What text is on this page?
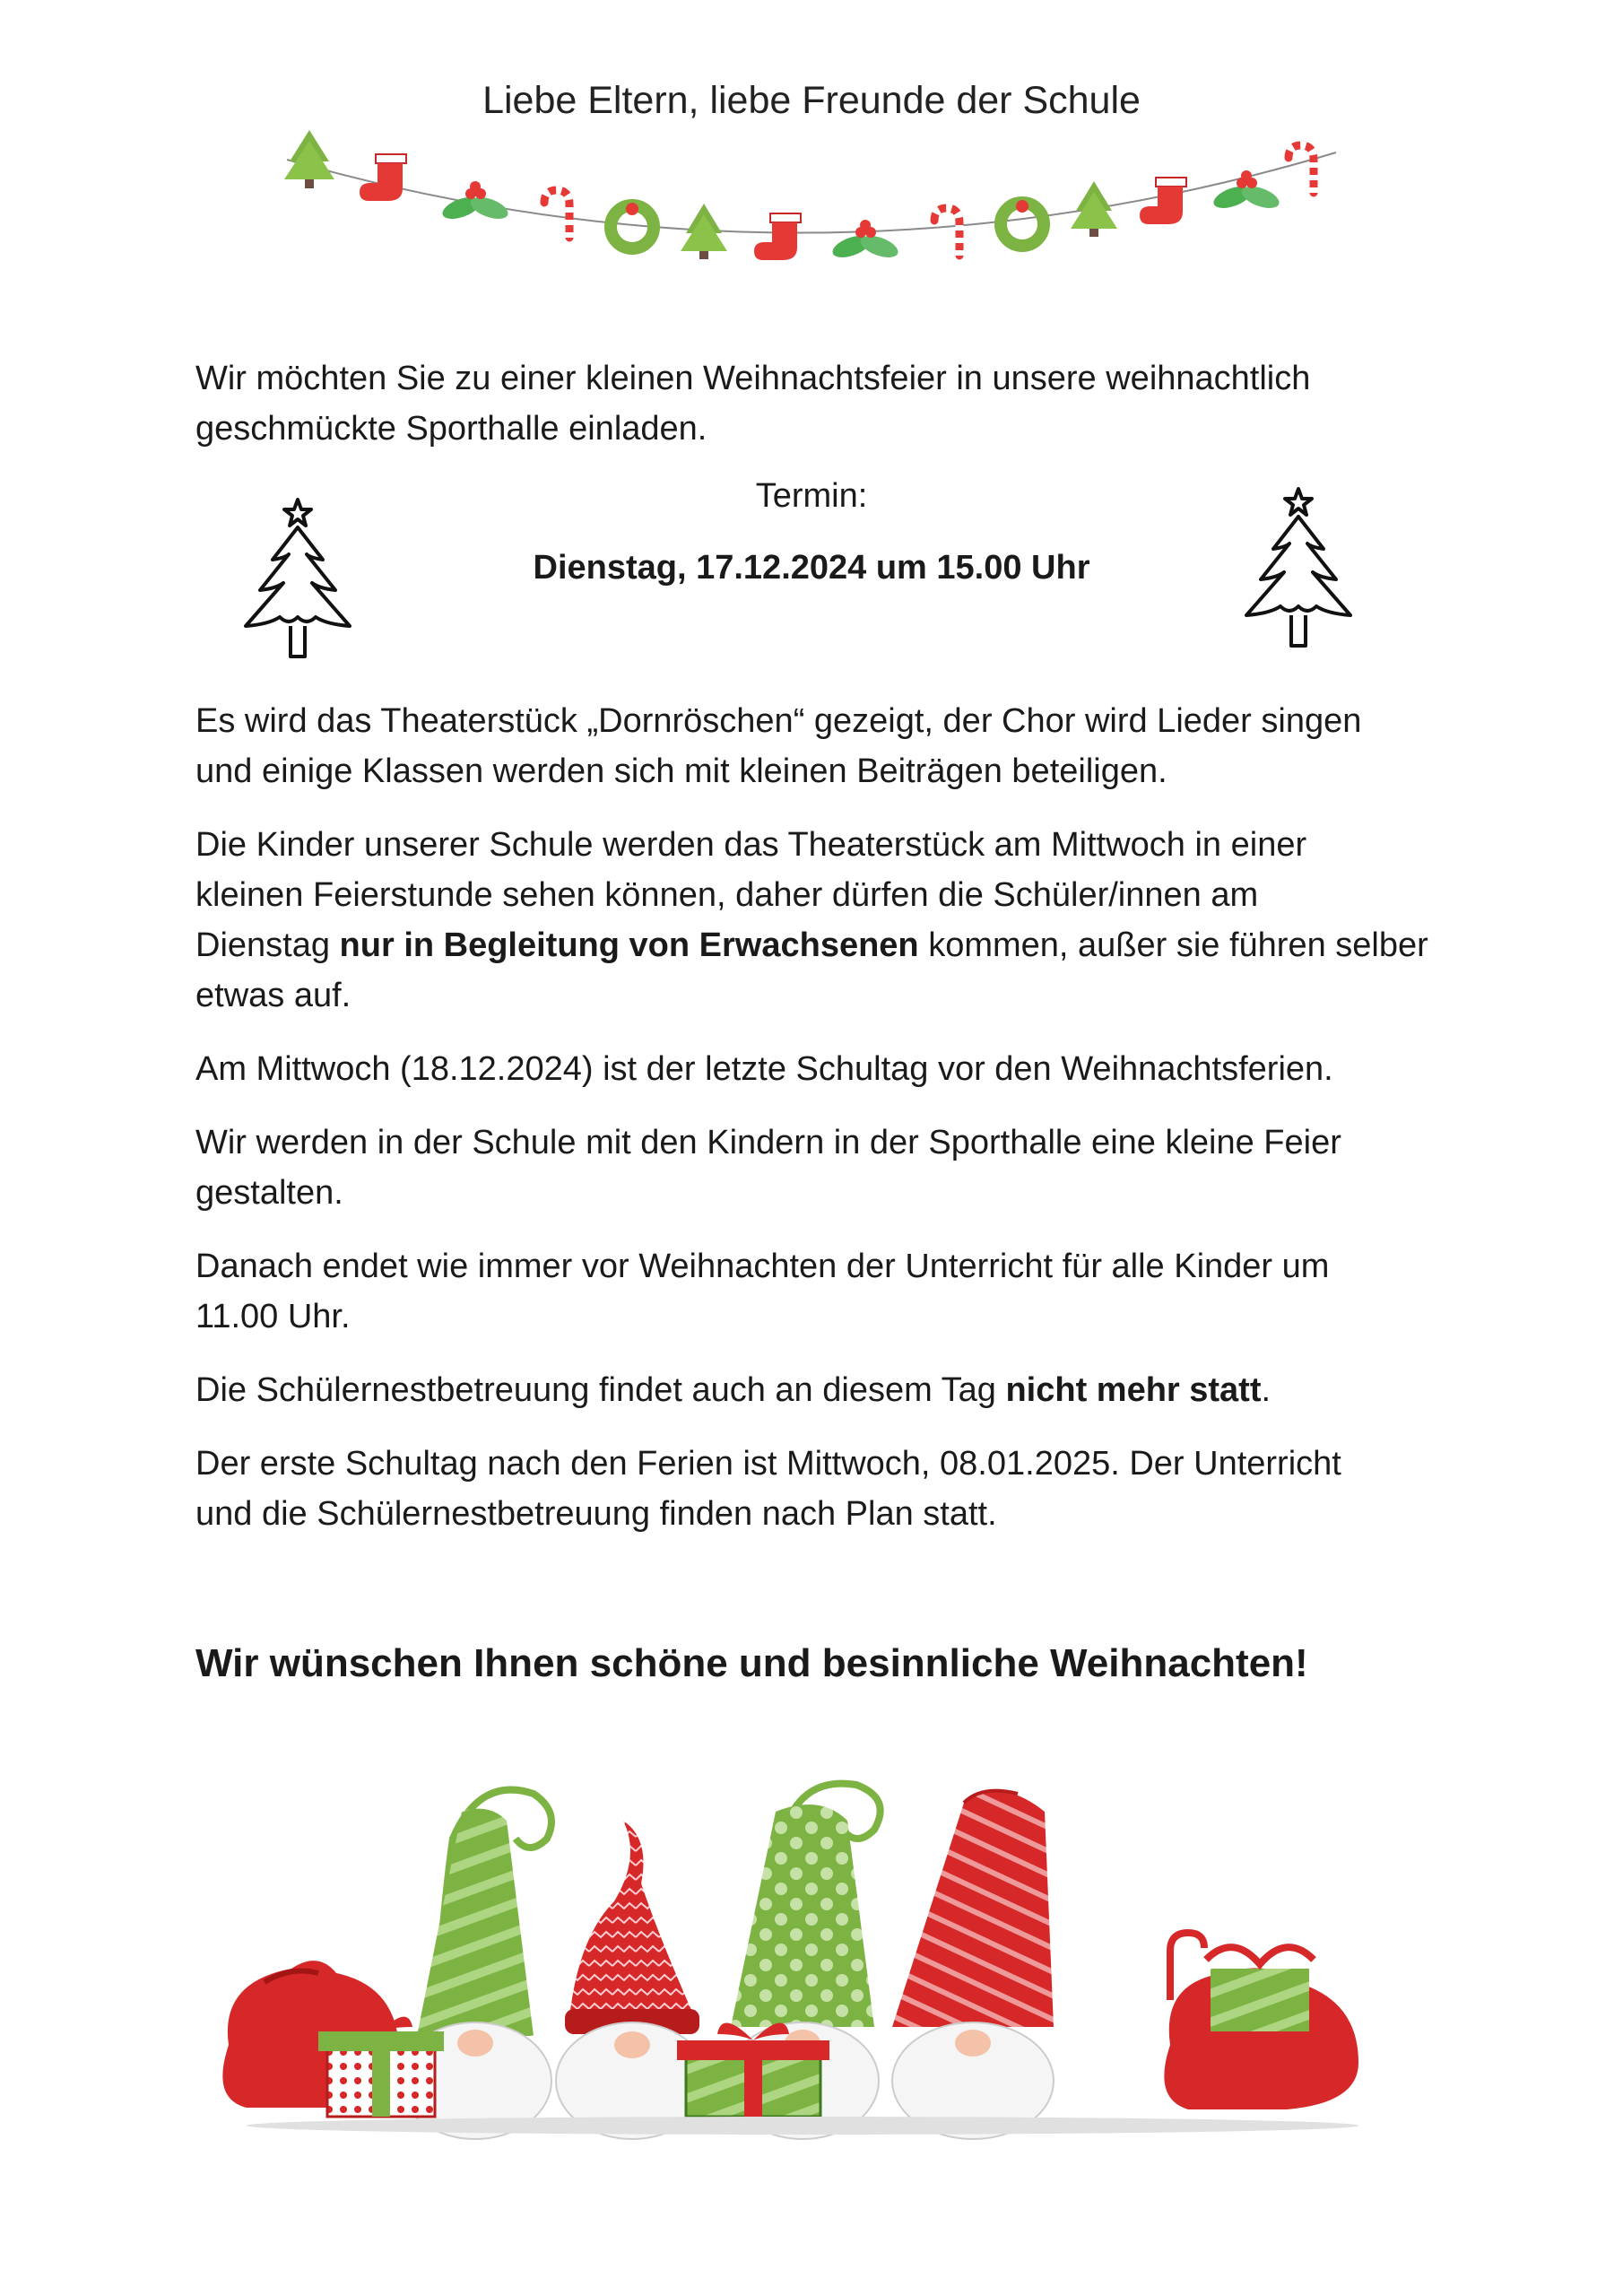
Liebe Eltern, liebe Freunde der Schule

Wir möchten Sie zu einer kleinen Weihnachtsfeier in unsere weihnachtlich

geschmückte Sporthalle einladen.

Termin:
Dienstag, 17.12.2024 um 15.00 Uhr

Es wird das Theaterstück „Dornröschen“ gezeigt, der Chor wird Lieder singen

und einige Klassen werden sich mit kleinen Beiträgen beteiligen.

Die Kinder unserer Schule werden das Theaterstück am Mittwoch in einer

kleinen Feierstunde sehen können, daher dürfen die Schüler/innen am

Dienstag nur in Begleitung von Erwachsenen kommen, außer sie führen selber

etwas auf.

Am Mittwoch (18.12.2024) ist der letzte Schultag vor den Weihnachtsferien.

Wir werden in der Schule mit den Kindern in der Sporthalle eine kleine Feier

gestalten.

Danach endet wie immer vor Weihnachten der Unterricht für alle Kinder um

11.00 Uhr.

Die Schülernestbetreuung findet auch an diesem Tag nicht mehr statt.

Der erste Schultag nach den Ferien ist Mittwoch, 08.01.2025. Der Unterricht

und die Schülernestbetreuung finden nach Plan statt.

Wir wünschen Ihnen schöne und besinnliche Weihnachten!
